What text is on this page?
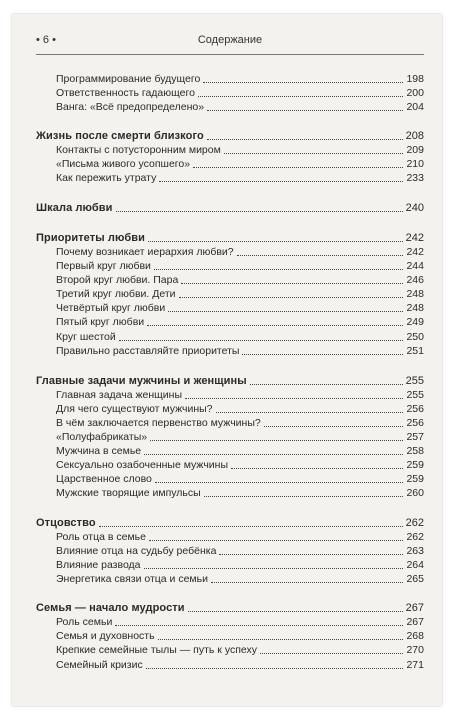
• 6 •	Содержание
Программирование будущего	198
Ответственность гадающего	200
Ванга: «Всё предопределено»	204
Жизнь после смерти близкого	208
Контакты с потусторонним миром	209
«Письма живого усопшего»	210
Как пережить утрату	233
Шкала любви	240
Приоритеты любви	242
Почему возникает иерархия любви?	242
Первый круг любви	244
Второй круг любви. Пара	246
Третий круг любви. Дети	248
Четвёртый круг любви	248
Пятый круг любви	249
Круг шестой	250
Правильно расставляйте приоритеты	251
Главные задачи мужчины и женщины	255
Главная задача женщины	255
Для чего существуют мужчины?	256
В чём заключается первенство мужчины?	256
«Полуфабрикаты»	257
Мужчина в семье	258
Сексуально озабоченные мужчины	259
Царственное слово	259
Мужские творящие импульсы	260
Отцовство	262
Роль отца в семье	262
Влияние отца на судьбу ребёнка	263
Влияние развода	264
Энергетика связи отца и семьи	265
Семья — начало мудрости	267
Роль семьи	267
Семья и духовность	268
Крепкие семейные тылы — путь к успеху	270
Семейный кризис	271
